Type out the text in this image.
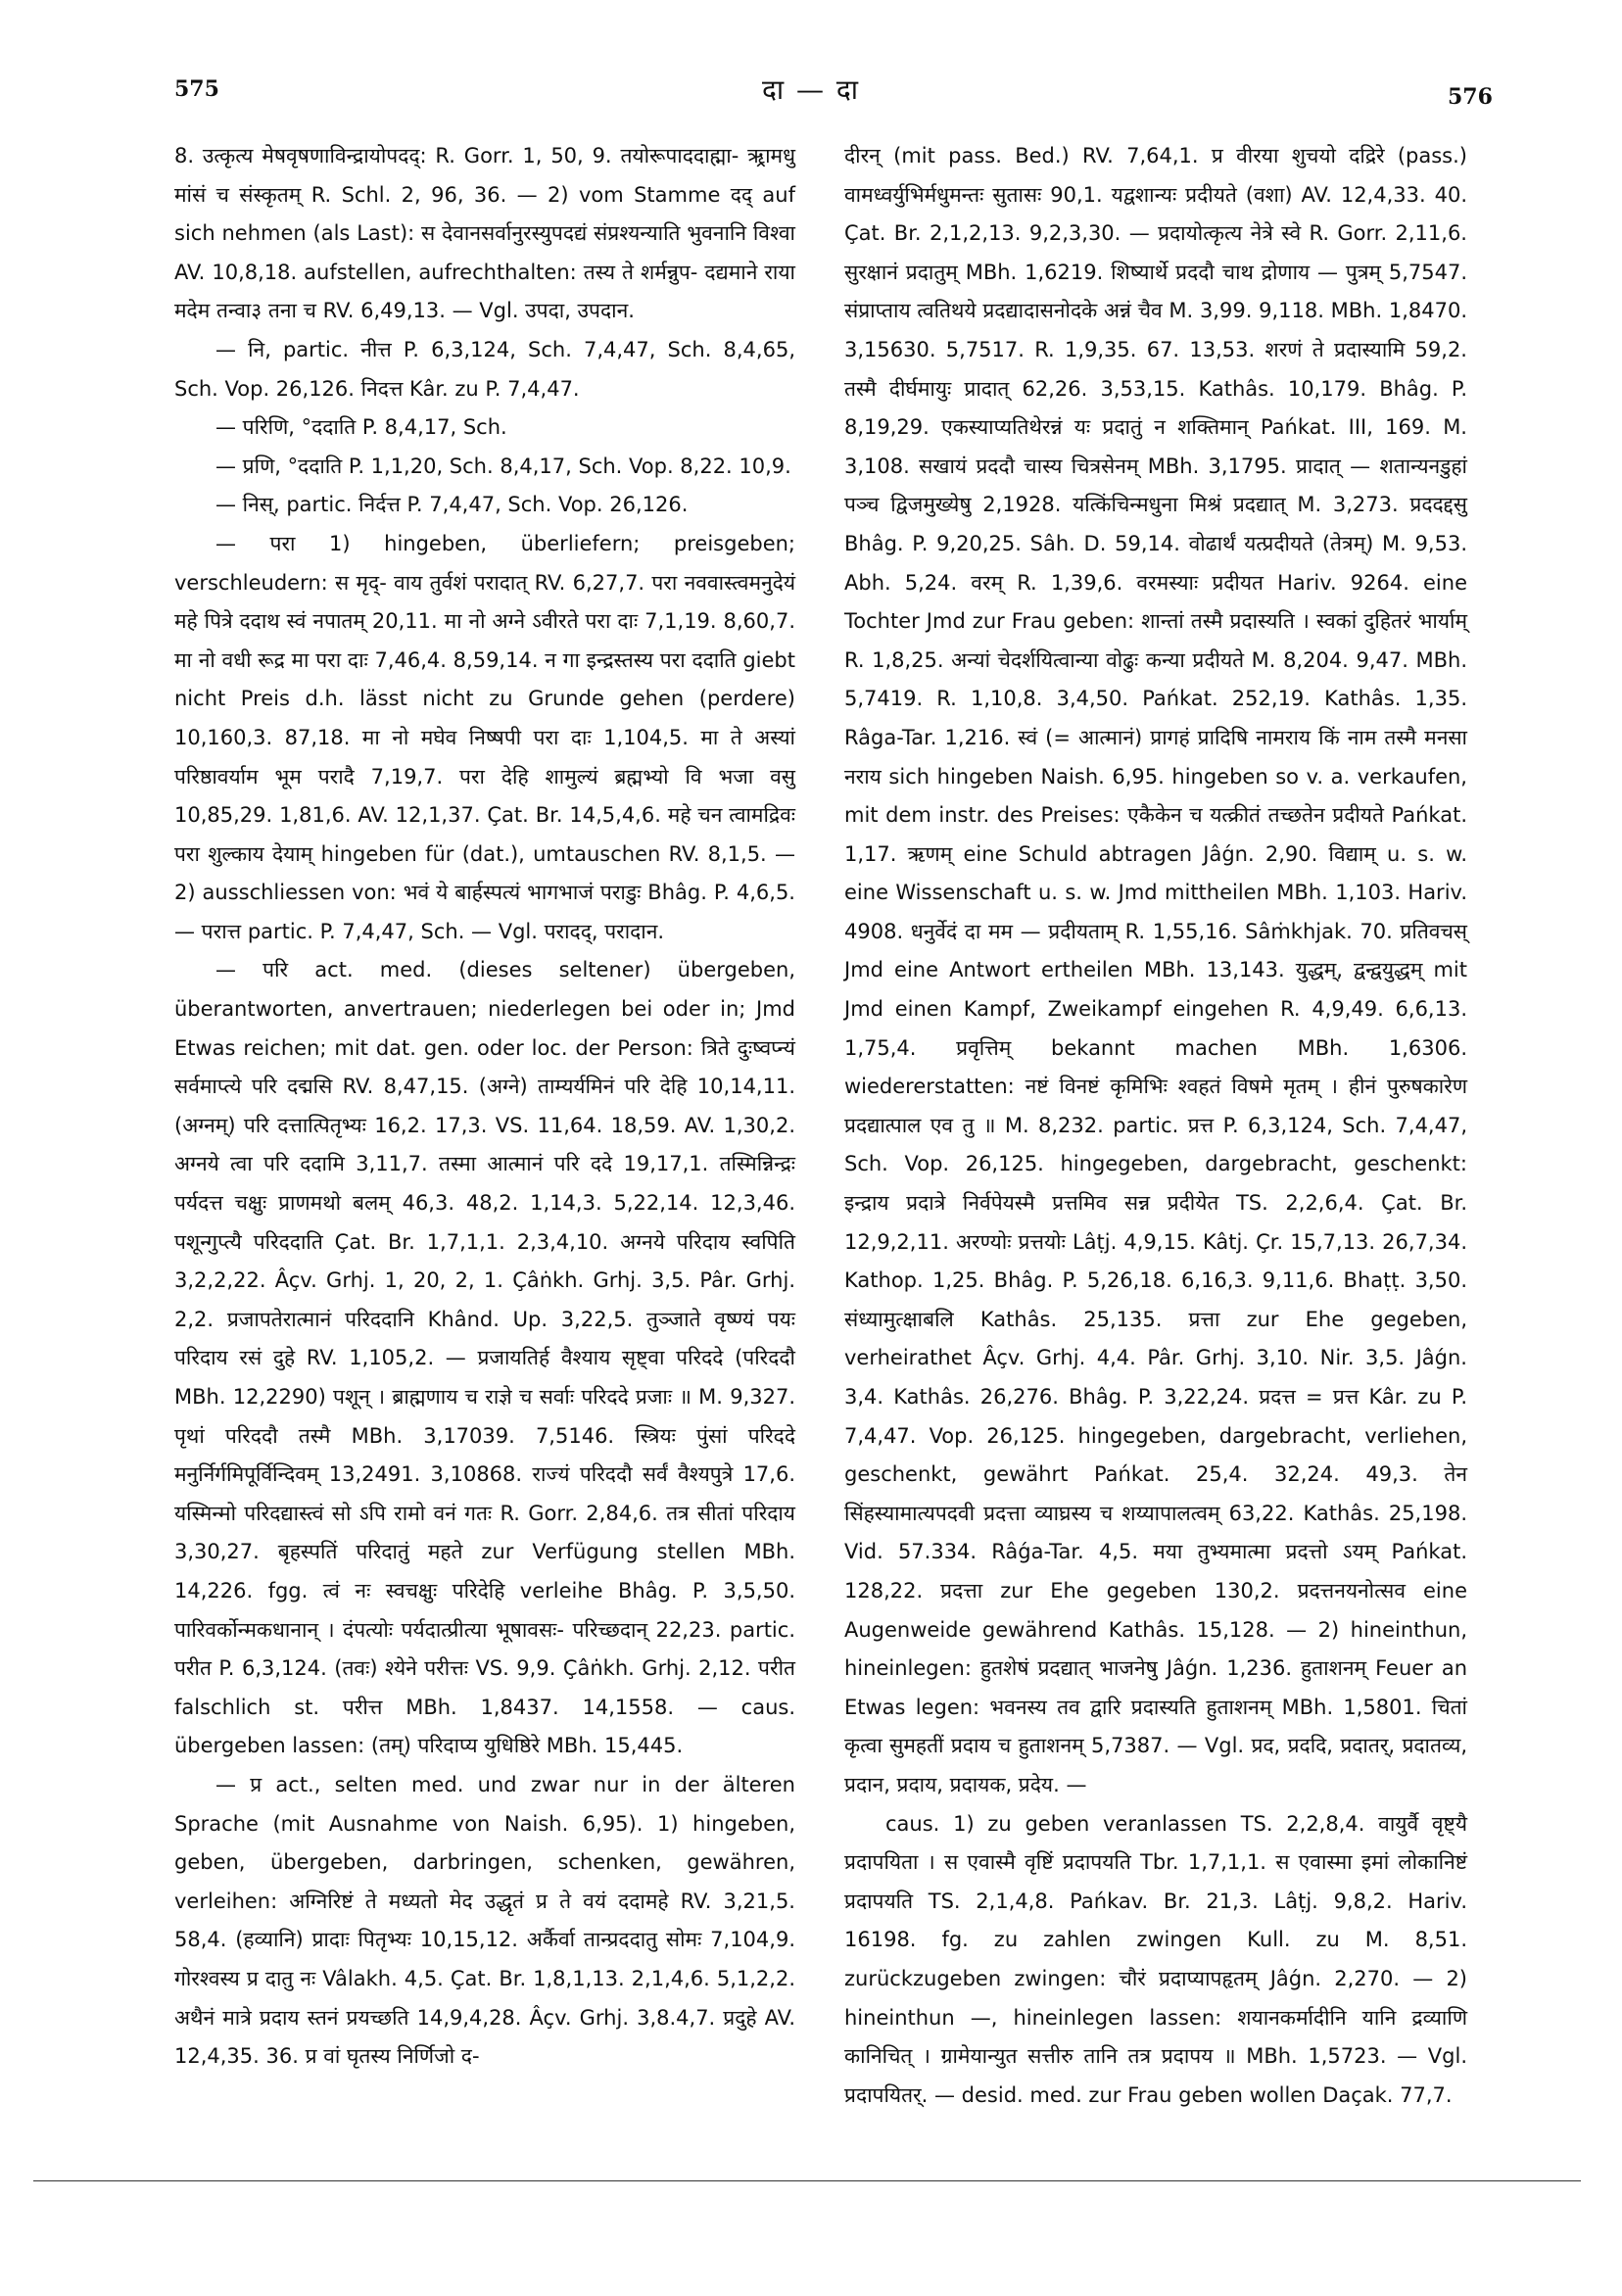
575	दा — दा	576

8. उत्कृत्य मेषवृषणाविन्द्रायोपदद्‌: R. Gorr. 1, 50, 9. तयोरूपाददाह्मा- ऋ्रामधु मांसं च संस्कृतम् R. Schl. 2, 96, 36. — 2) vom Stamme दद् auf sich nehmen (als Last): स देवानसर्वानुरस्युपदद्यं संप्रश्यन्याति भुवनानि विश्वा AV. 10,8,18. aufstellen, aufrechthalten: तस्य ते शर्मन्नुप- दद्यमाने राया मदेम तन्वा३ तना च RV. 6,49,13. — Vgl. उपदा, उपदान.

— नि, partic. नीत्त P. 6,3,124, Sch. 7,4,47, Sch. 8,4,65, Sch. Vop. 26,126. निदत्त Kâr. zu P. 7,4,47.

— परिणि, °ददाति P. 8,4,17, Sch.

— प्रणि, °ददाति P. 1,1,20, Sch. 8,4,17, Sch. Vop. 8,22. 10,9.

— निस्, partic. निर्दत्त P. 7,4,47, Sch. Vop. 26,126.

— परा 1) hingeben, überliefern; preisgeben; verschleudern: स मृद्‌- वाय तुर्वशं परादात् RV. 6,27,7. परा नववास्त्वमनुदेयं महे पित्रे ददाथ स्वं नपातम् 20,11. मा नो अग्ने ऽवीरते परा दाः 7,1,19. 8,60,7. मा नो वधी रूद्र मा परा दाः 7,46,4. 8,59,14. न गा इन्द्रस्तस्य परा ददाति giebt nicht Preis d.h. lässt nicht zu Grunde gehen (perdere) 10,160,3. 87,18. मा नो मघेव निष्षपी परा दाः 1,104,5. मा ते अस्यां परिष्ठावर्याम भूम परादै 7,19,7. परा देहि शामुल्यं ब्रह्मभ्यो वि भजा वसु 10,85,29. 1,81,6. AV. 12,1,37. Çat. Br. 14,5,4,6. महे चन त्वामद्रिवः परा शुल्काय देयाम् hingeben für (dat.), umtauschen RV. 8,1,5. — 2) ausschliessen von: भवं ये बार्हस्पत्यं भागभाजं पराडुः Bhâg. P. 4,6,5. — परात्त partic. P. 7,4,47, Sch. — Vgl. परादद्, परादान.

— परि act. med. (dieses seltener) übergeben, überantworten, anvertrauen; niederlegen bei oder in; Jmd Etwas reichen; mit dat. gen. oder loc. der Person: त्रिते दुःष्वप्न्यं सर्वमाप्त्ये परि दद्मसि RV. 8,47,15. (अग्ने) ताम्यर्यमिनं परि देहि 10,14,11. (अग्नम्) परि दत्तात्पितृभ्यः 16,2. 17,3. VS. 11,64. 18,59. AV. 1,30,2. अग्नये त्वा परि ददामि 3,11,7. तस्मा आत्मानं परि ददे 19,17,1. तस्मिन्निन्द्रः पर्यदत्त चक्षुः प्राणमथो बलम् 46,3. 48,2. 1,14,3. 5,22,14. 12,3,46. पशून्गुप्त्यै परिददाति Çat. Br. 1,7,1,1. 2,3,4,10. अग्नये परिदाय स्वपिति 3,2,2,22. Âçv. Grhj. 1, 20, 2, 1. Çâṅkh. Grhj. 3,5. Pâr. Grhj. 2,2. प्रजापतेरात्मानं परिददानि Khând. Up. 3,22,5. तुञ्जाते वृष्ण्यं पयः परिदाय रसं दुहे RV. 1,105,2. — प्रजायतिर्ह वैश्याय सृष्ट्वा परिददे (परिददौ MBh. 12,2290) पशून् । ब्राह्मणाय च राज्ञे च सर्वाः परिददे प्रजाः ॥ M. 9,327. पृथां परिददौ तस्मै MBh. 3,17039. 7,5146. स्त्रियः पुंसां परिददे मनुर्निर्गमिपूर्विन्दिवम् 13,2491. 3,10868. राज्यं परिददौ सर्वं वैश्यपुत्रे 17,6. यस्मिन्मो परिदद्यास्त्वं सो ऽपि रामो वनं गतः R. Gorr. 2,84,6. तत्र सीतां परिदाय 3,30,27. बृहस्पतिं परिदातुं महते zur Verfügung stellen MBh. 14,226. fgg. त्वं नः स्वचक्षुः परिदेहि verleihe Bhâg. P. 3,5,50. पारिवर्कोन्मकधानान् । दंपत्योः पर्यदात्प्रीत्या भूषावसः- परिच्छदान् 22,23. partic. परीत P. 6,3,124. (तवः) श्येने परीत्तः VS. 9,9. Çâṅkh. Grhj. 2,12. परीत falschlich st. परीत्त MBh. 1,8437. 14,1558. — caus. übergeben lassen: (तम्) परिदाप्य युधिष्ठिरे MBh. 15,445.

— प्र act., selten med. und zwar nur in der älteren Sprache (mit Ausnahme von Naish. 6,95). 1) hingeben, geben, übergeben, darbringen, schenken, gewähren, verleihen: अग्निरिष्टं ते मध्यतो मेद उद्धृतं प्र ते वयं ददामहे RV. 3,21,5. 58,4. (हव्यानि) प्रादाः पितृभ्यः 10,15,12. अर्कैर्वा तान्प्रददातु सोमः 7,104,9. गोरश्वस्य प्र दातु नः Vâlakh. 4,5. Çat. Br. 1,8,1,13. 2,1,4,6. 5,1,2,2. अथैनं मात्रे प्रदाय स्तनं प्रयच्छति 14,9,4,28. Âçv. Grhj. 3,8.4,7. प्रदुहे AV. 12,4,35. 36. प्र वां घृतस्य निर्णिजो द-

दीरन् (mit pass. Bed.) RV. 7,64,1. प्र वीरया शुचयो दद्रिरे (pass.) वामध्वर्युभिर्मधुमन्तः सुतासः 90,1. यद्वशान्यः प्रदीयते (वशा) AV. 12,4,33. 40. Çat. Br. 2,1,2,13. 9,2,3,30. — प्रदायोत्कृत्य नेत्रे स्वे R. Gorr. 2,11,6. सुरक्षानं प्रदातुम् MBh. 1,6219. शिष्यार्थे प्रददौ चाथ द्रोणाय — पुत्रम् 5,7547. संप्राप्ताय त्वतिथये प्रदद्यादासनोदके अन्नं चैव M. 3,99. 9,118. MBh. 1,8470. 3,15630. 5,7517. R. 1,9,35. 67. 13,53. शरणं ते प्रदास्यामि 59,2. तस्मै दीर्घमायुः प्रादात् 62,26. 3,53,15. Kathâs. 10,179. Bhâg. P. 8,19,29. एकस्याप्यतिथेरन्नं यः प्रदातुं न शक्तिमान् Pańkat. III, 169. M. 3,108. सखायं प्रददौ चास्य चित्रसेनम् MBh. 3,1795. प्रादात् — शतान्यनडुहां पञ्च द्विजमुख्येषु 2,1928. यत्किंचिन्मधुना मिश्रं प्रदद्यात् M. 3,273. प्रददद्दसु Bhâg. P. 9,20,25. Sâh. D. 59,14. वोढार्थं यत्प्रदीयते (तेत्रम्) M. 9,53. Abh. 5,24. वरम् R. 1,39,6. वरमस्याः प्रदीयत Hariv. 9264. eine Tochter Jmd zur Frau geben: शान्तां तस्मै प्रदास्यति । स्वकां दुहितरं भार्याम् R. 1,8,25. अन्यां चेदर्शयित्वान्या वोढुः कन्या प्रदीयते M. 8,204. 9,47. MBh. 5,7419. R. 1,10,8. 3,4,50. Pańkat. 252,19. Kathâs. 1,35. Râga-Tar. 1,216. स्वं (= आत्मानं) प्रागहं प्रादिषि नामराय किं नाम तस्मै मनसा नराय sich hingeben Naish. 6,95. hingeben so v. a. verkaufen, mit dem instr. des Preises: एकैकेन च यत्क्रीतं तच्छतेन प्रदीयते Pańkat. 1,17. ऋणम् eine Schuld abtragen Jâǵn. 2,90. विद्याम् u. s. w. eine Wissenschaft u. s. w. Jmd mittheilen MBh. 1,103. Hariv. 4908. धनुर्वेदं दा मम — प्रदीयताम् R. 1,55,16. Sâṁkhjak. 70. प्रतिवचस् Jmd eine Antwort ertheilen MBh. 13,143. युद्धम्, द्वन्द्वयुद्धम् mit Jmd einen Kampf, Zweikampf eingehen R. 4,9,49. 6,6,13. 1,75,4. प्रवृत्तिम् bekannt machen MBh. 1,6306. wiedererstatten: नष्टं विनष्टं कृमिभिः श्वहतं विषमे मृतम् । हीनं पुरुषकारेण प्रदद्यात्पाल एव तु ॥ M. 8,232. partic. प्रत्त P. 6,3,124, Sch. 7,4,47, Sch. Vop. 26,125. hingegeben, dargebracht, geschenkt: इन्द्राय प्रदात्रे निर्वपेयस्मै प्रत्तमिव सन्न प्रदीयेत TS. 2,2,6,4. Çat. Br. 12,9,2,11. अरण्योः प्रत्तयोः Lâṭj. 4,9,15. Kâtj. Çr. 15,7,13. 26,7,34. Kathop. 1,25. Bhâg. P. 5,26,18. 6,16,3. 9,11,6. Bhaṭṭ. 3,50. संध्यामुत्क्षाबलि Kathâs. 25,135. प्रत्ता zur Ehe gegeben, verheirathet Âçv. Grhj. 4,4. Pâr. Grhj. 3,10. Nir. 3,5. Jâǵn. 3,4. Kathâs. 26,276. Bhâg. P. 3,22,24. प्रदत्त = प्रत्त Kâr. zu P. 7,4,47. Vop. 26,125. hingegeben, dargebracht, verliehen, geschenkt, gewährt Pańkat. 25,4. 32,24. 49,3. तेन सिंहस्यामात्यपदवी प्रदत्ता व्याघ्रस्य च शय्यापालत्वम् 63,22. Kathâs. 25,198. Vid. 57.334. Râǵa-Tar. 4,5. मया तुभ्यमात्मा प्रदत्तो ऽयम् Pańkat. 128,22. प्रदत्ता zur Ehe gegeben 130,2. प्रदत्तनयनोत्सव eine Augenweide gewährend Kathâs. 15,128. — 2) hineinthun, hineinlegen: हुतशेषं प्रदद्यात् भाजनेषु Jâǵn. 1,236. हुताशनम् Feuer an Etwas legen: भवनस्य तव द्वारि प्रदास्यति हुताशनम् MBh. 1,5801. चितां कृत्वा सुमहतीं प्रदाय च हुताशनम् 5,7387. — Vgl. प्रद, प्रददि, प्रदातर्, प्रदातव्य, प्रदान, प्रदाय, प्रदायक, प्रदेय. —

caus. 1) zu geben veranlassen TS. 2,2,8,4. वायुर्वै वृष्ट्यै प्रदापयिता । स एवास्मै वृष्टिं प्रदापयति Tbr. 1,7,1,1. स एवास्मा इमां लोकानिष्टं प्रदापयति TS. 2,1,4,8. Pańkav. Br. 21,3. Lâṭj. 9,8,2. Hariv. 16198. fg. zu zahlen zwingen Kull. zu M. 8,51. zurückzugeben zwingen: चौरं प्रदाप्यापहृतम् Jâǵn. 2,270. — 2) hineinthun —, hineinlegen lassen: शयानकर्मादीनि यानि द्रव्याणि कानिचित् । ग्रामेयान्युत सत्तीरु तानि तत्र प्रदापय ॥ MBh. 1,5723. — Vgl. प्रदापयितर्. — desid. med. zur Frau geben wollen Daçak. 77,7.
